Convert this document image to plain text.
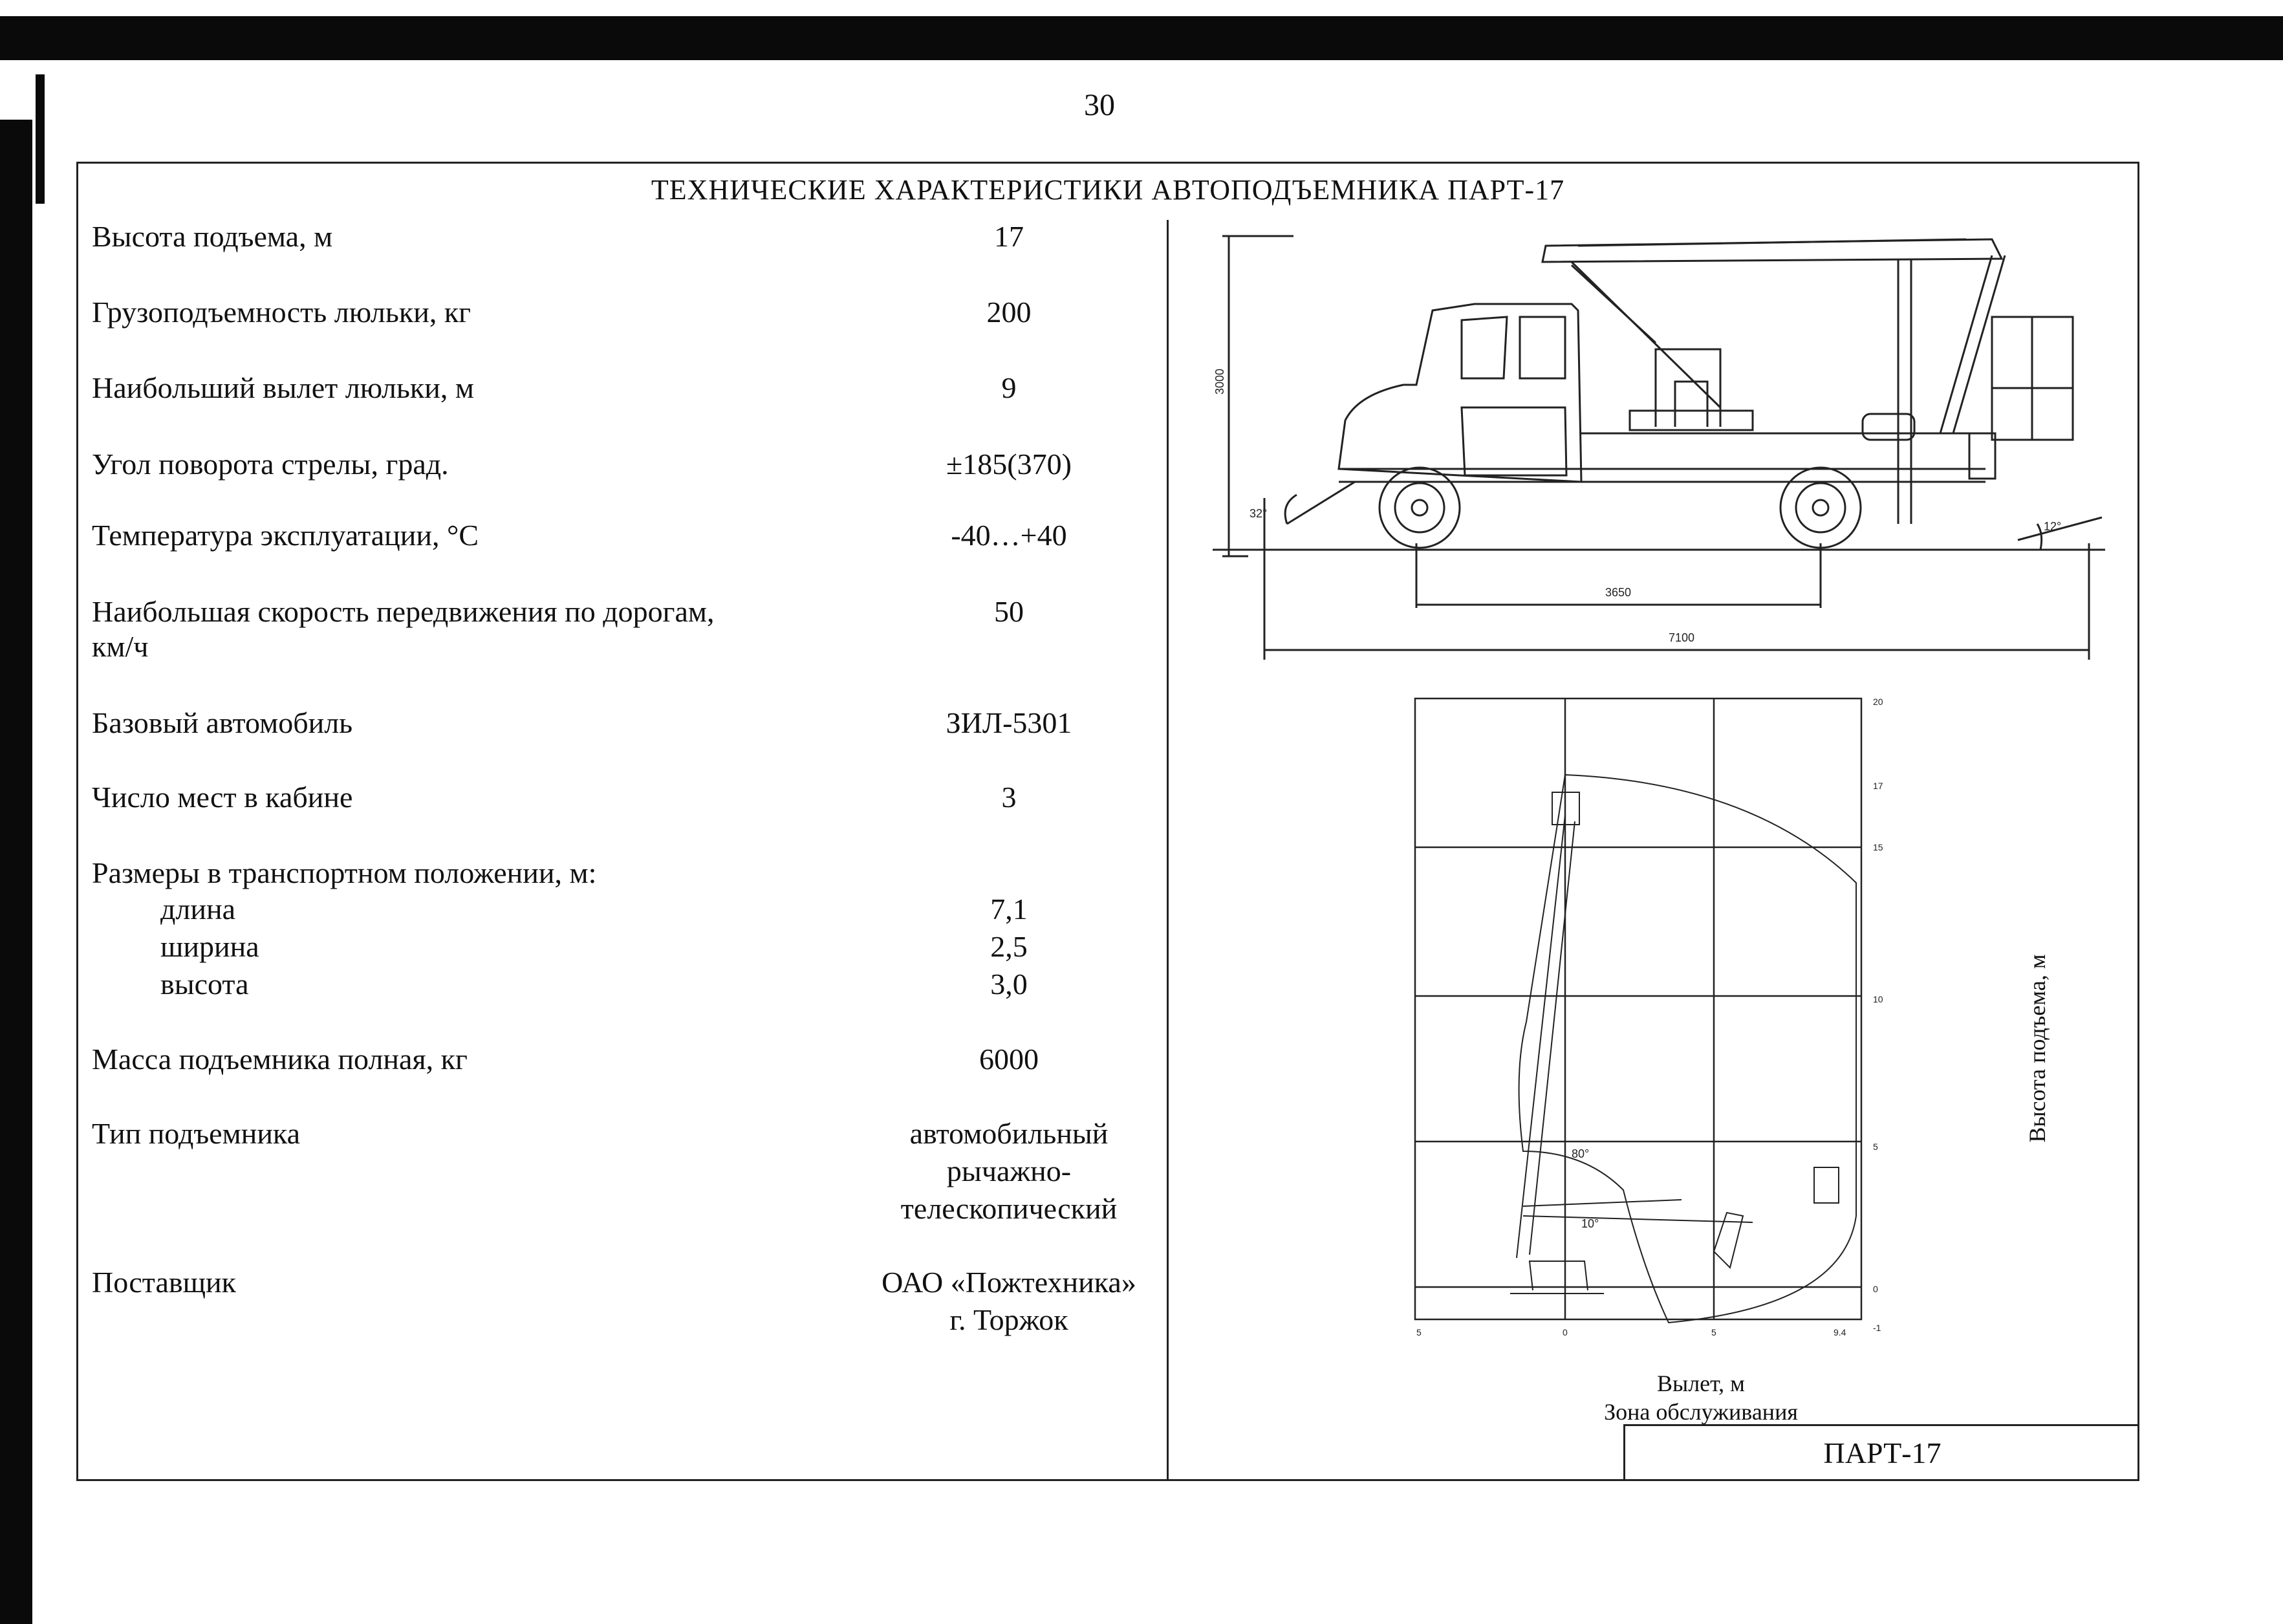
30
ТЕХНИЧЕСКИЕ ХАРАКТЕРИСТИКИ АВТОПОДЪЕМНИКА ПАРТ-17
Высота подъема, м	17
Грузоподъемность люльки, кг	200
Наибольший вылет люльки, м	9
Угол поворота стрелы, град.	±185(370)
Температура эксплуатации, °С	-40…+40
Наибольшая скорость передвижения по дорогам,
км/ч
50
Базовый автомобиль	ЗИЛ-5301
Число мест в кабине	3
Размеры в транспортном положении, м:
длина	7,1
ширина	2,5
высота	3,0
Масса подъемника полная, кг	6000
Тип подъемника	автомобильный
рычажно-
телескопический
Поставщик	ОАО «Пожтехника»
г. Торжок
3000
32°
12°
3650
7100
80°
10°
20
17
15
10
5
0
-1
5	0	5	9.4
Вылет, м
Зона обслуживания
Высота подъема, м
ПАРТ-17
